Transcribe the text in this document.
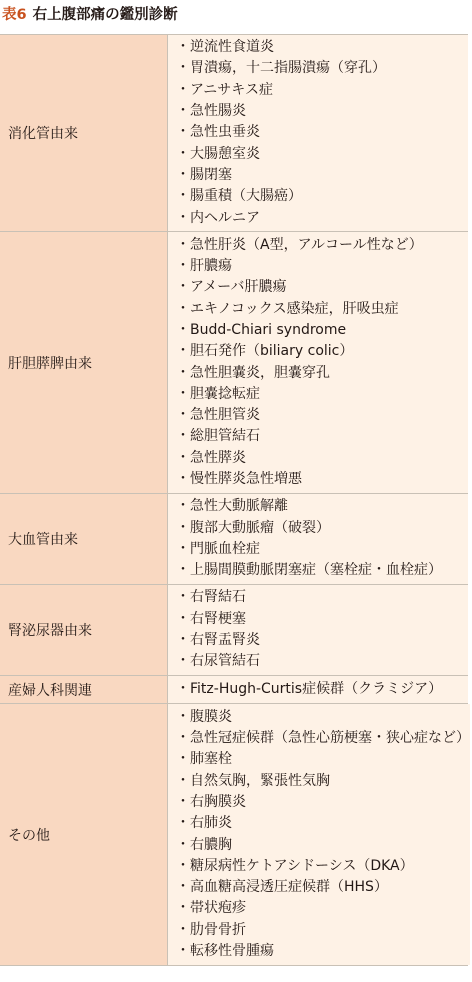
表6 右上腹部痛の鑑別診断
消化管由来
・ 逆流性食道炎
・ 胃潰瘍，十二指腸潰瘍（穿孔）
・ アニサキス症
・ 急性腸炎
・ 急性虫垂炎
・ 大腸憩室炎
・ 腸閉塞
・ 腸重積（大腸癌）
・ 内ヘルニア
肝胆膵脾由来
・ 急性肝炎（A型，アルコール性など）
・ 肝膿瘍
・ アメーバ肝膿瘍
・ エキノコックス感染症，肝吸虫症
・ Budd-Chiari syndrome
・ 胆石発作（biliary colic）
・ 急性胆嚢炎，胆嚢穿孔
・ 胆嚢捻転症
・ 急性胆管炎
・ 総胆管結石
・ 急性膵炎
・ 慢性膵炎急性増悪
大血管由来
・ 急性大動脈解離
・ 腹部大動脈瘤（破裂）
・ 門脈血栓症
・ 上腸間膜動脈閉塞症（塞栓症・血栓症）
腎泌尿器由来
・ 右腎結石
・ 右腎梗塞
・ 右腎盂腎炎
・ 右尿管結石
産婦人科関連
・	Fitz-Hugh-Curtis症候群（クラミジア）
その他
・ 腹膜炎
・ 急性冠症候群（急性心筋梗塞・狭心症など）
・ 肺塞栓
・ 自然気胸，緊張性気胸
・ 右胸膜炎
・ 右肺炎
・ 右膿胸
・ 糖尿病性ケトアシドーシス（DKA）
・ 高血糖高浸透圧症候群（HHS）
・ 帯状疱疹
・ 肋骨骨折
・ 転移性骨腫瘍
